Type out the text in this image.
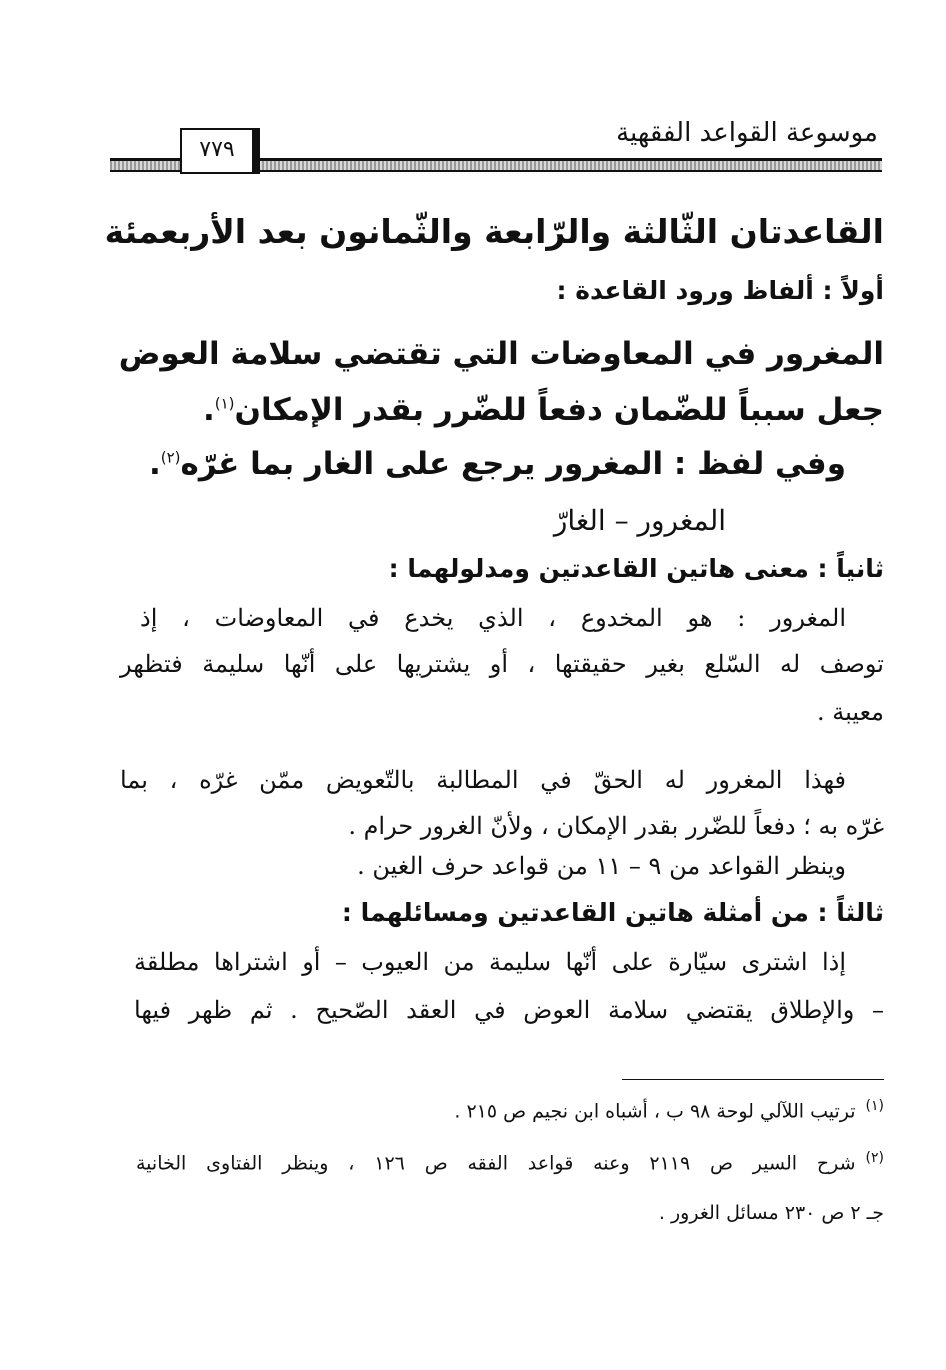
موسوعة القواعد الفقهية
٧٧٩
القاعدتان الثّالثة والرّابعة والثّمانون بعد الأربعمئة
أولاً : ألفاظ ورود القاعدة :
المغرور في المعاوضات التي تقتضي سلامة العوض
جعل سبباً للضّمان دفعاً للضّرر بقدر الإمكان$^{(١)}$.
وفي لفظ : المغرور يرجع على الغار بما غرّه$^{(٢)}$.
المغرور – الغارّ
ثانياً : معنى هاتين القاعدتين ومدلولهما :
المغرور : هو المخدوع ، الذي يخدع في المعاوضات ، إذ
توصف له السّلع بغير حقيقتها ، أو يشتريها على أنّها سليمة فتظهر
معيبة .
فهذا المغرور له الحقّ في المطالبة بالتّعويض ممّن غرّه ، بما
غرّه به ؛ دفعاً للضّرر بقدر الإمكان ، ولأنّ الغرور حرام .
وينظر القواعد من ٩ – ١١ من قواعد حرف الغين .
ثالثاً : من أمثلة هاتين القاعدتين ومسائلهما :
إذا اشترى سيّارة على أنّها سليمة من العيوب – أو اشتراها مطلقة
– والإطلاق يقتضي سلامة العوض في العقد الصّحيح . ثم ظهر فيها
$^{(١)}$ترتيب اللآلي لوحة ٩٨ ب ، أشباه ابن نجيم ص ٢١٥ .
$^{(٢)}$شرح السير ص ٢١١٩ وعنه قواعد الفقه ص ١٢٦ ، وينظر الفتاوى الخانية
جـ ٢ ص ٢٣٠ مسائل الغرور .
